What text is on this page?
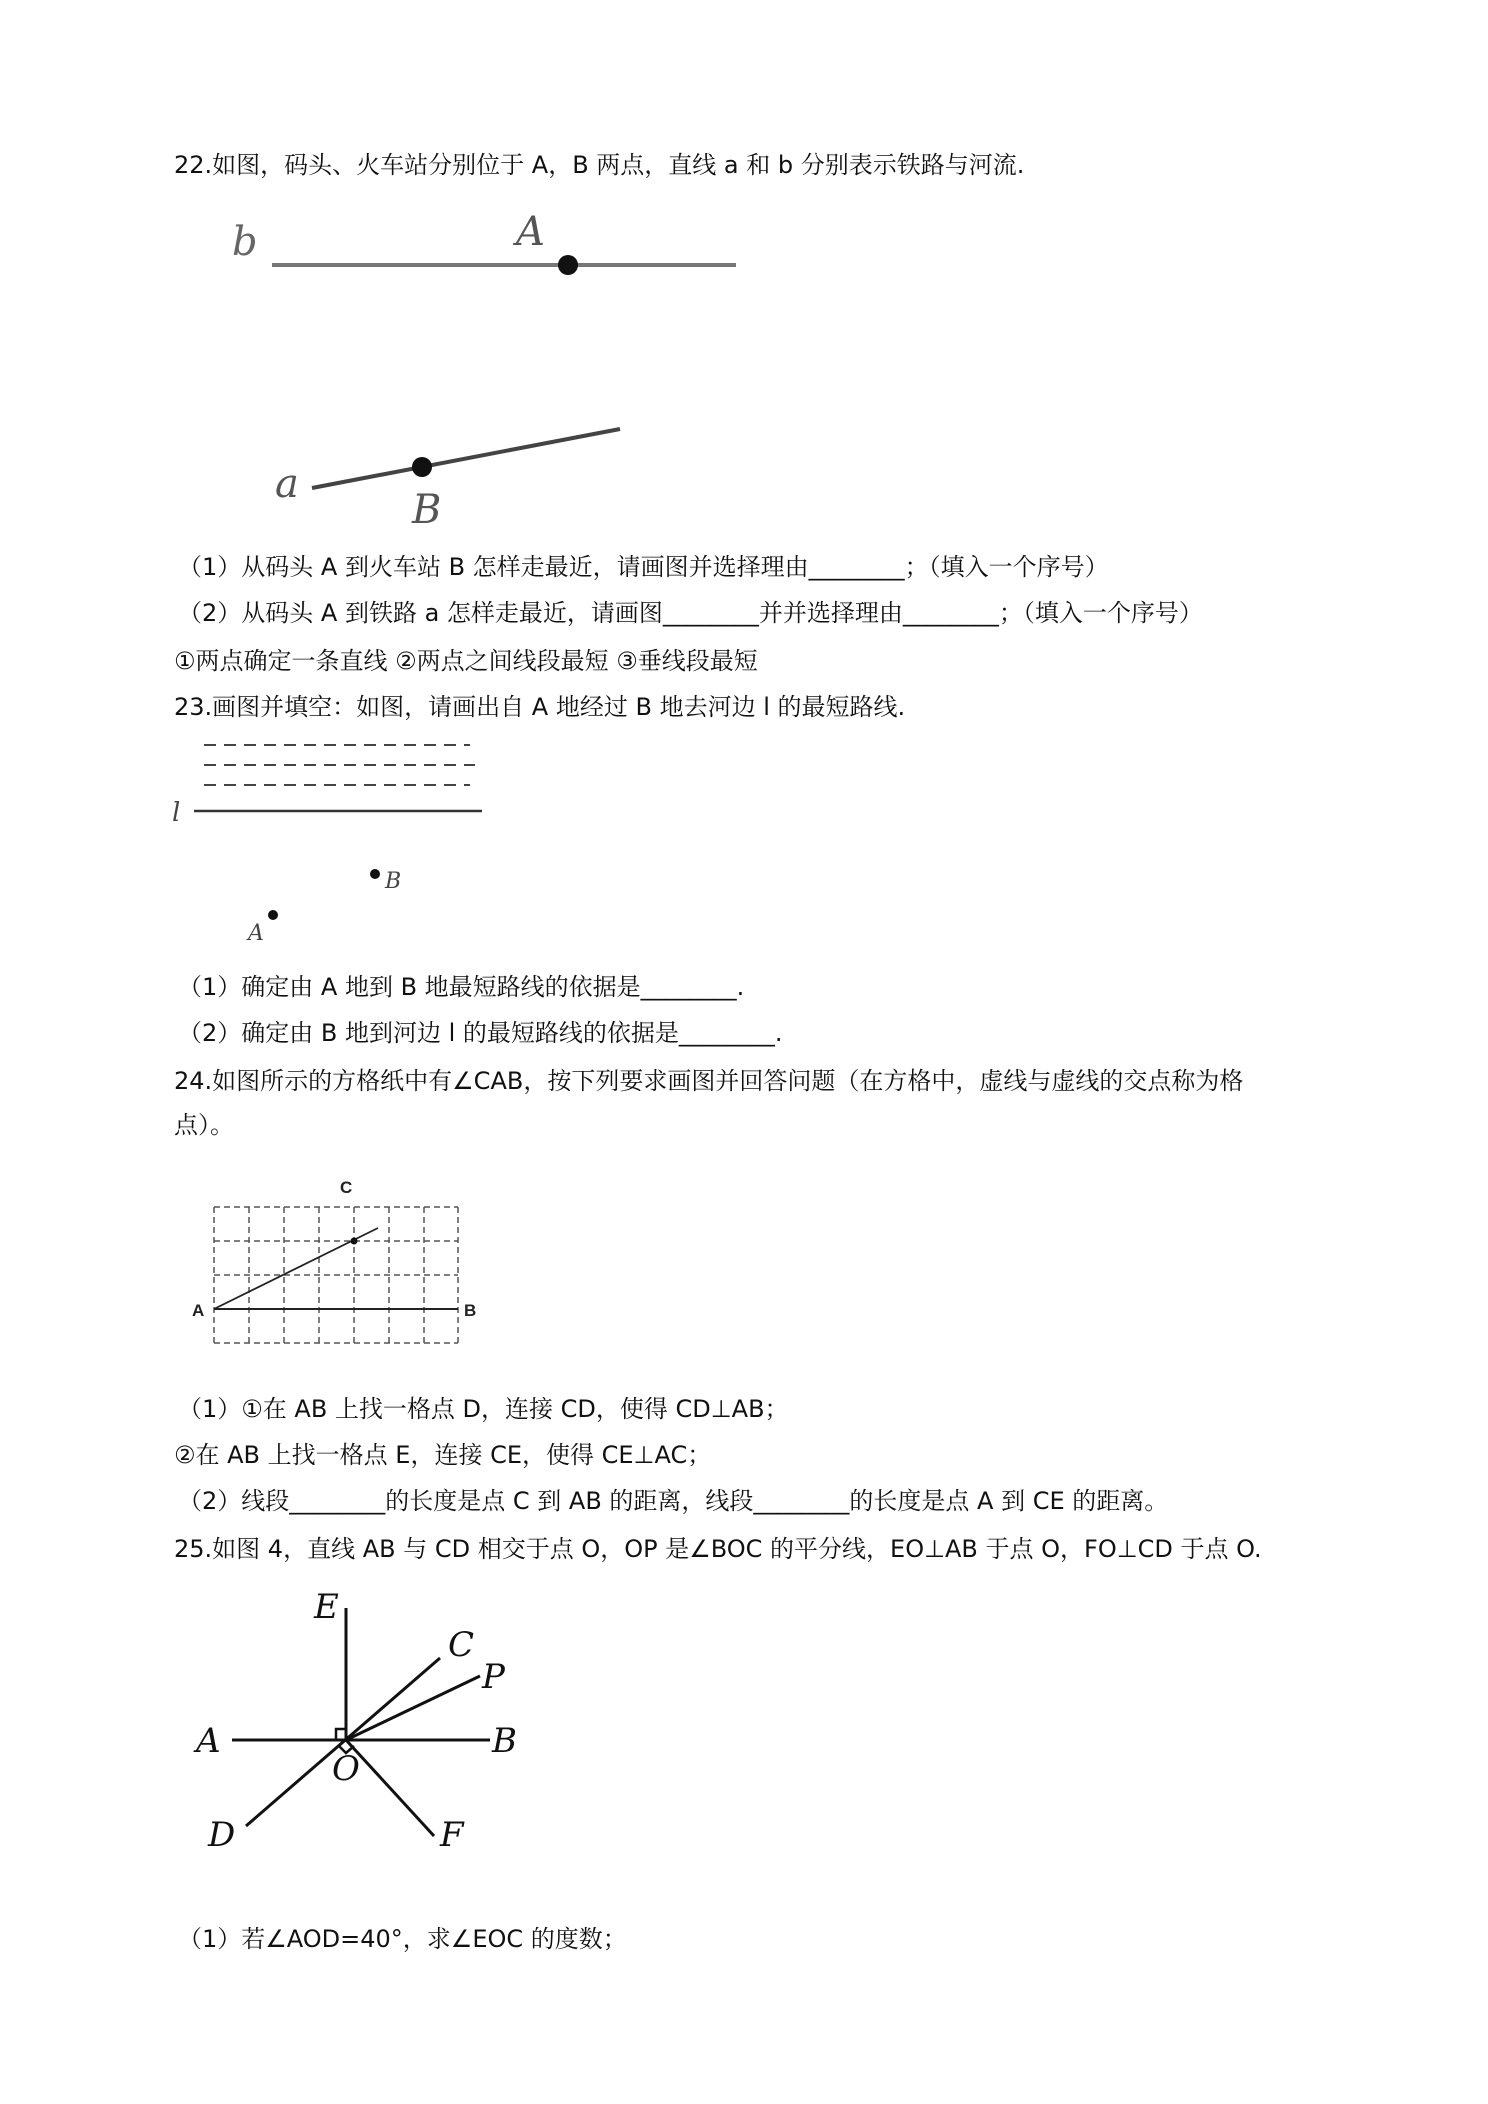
22.如图，码头、火车站分别位于 A，B 两点，直线 a 和 b 分别表示铁路与河流.
b	A
a
B
（1）从码头 A 到火车站 B 怎样走最近，请画图并选择理由________；（填入一个序号）
（2）从码头 A 到铁路 a 怎样走最近，请画图________并并选择理由________；（填入一个序号）
①两点确定一条直线 ②两点之间线段最短 ③垂线段最短
23.画图并填空：如图，请画出自 A 地经过 B 地去河边 l 的最短路线.
l
B
A
（1）确定由 A 地到 B 地最短路线的依据是________.
（2）确定由 B 地到河边 l 的最短路线的依据是________.
24.如图所示的方格纸中有∠CAB，按下列要求画图并回答问题（在方格中，虚线与虚线的交点称为格
点）。
C
A	B
（1）①在 AB 上找一格点 D，连接 CD，使得 CD⊥AB；
②在 AB 上找一格点 E，连接 CE，使得 CE⊥AC；
（2）线段________的长度是点 C 到 AB 的距离，线段________的长度是点 A 到 CE 的距离。
25.如图 4，直线 AB 与 CD 相交于点 O，OP 是∠BOC 的平分线，EO⊥AB 于点 O，FO⊥CD 于点 O.
E
C
P
A	B
O
D	F
（1）若∠AOD=40°，求∠EOC 的度数；
